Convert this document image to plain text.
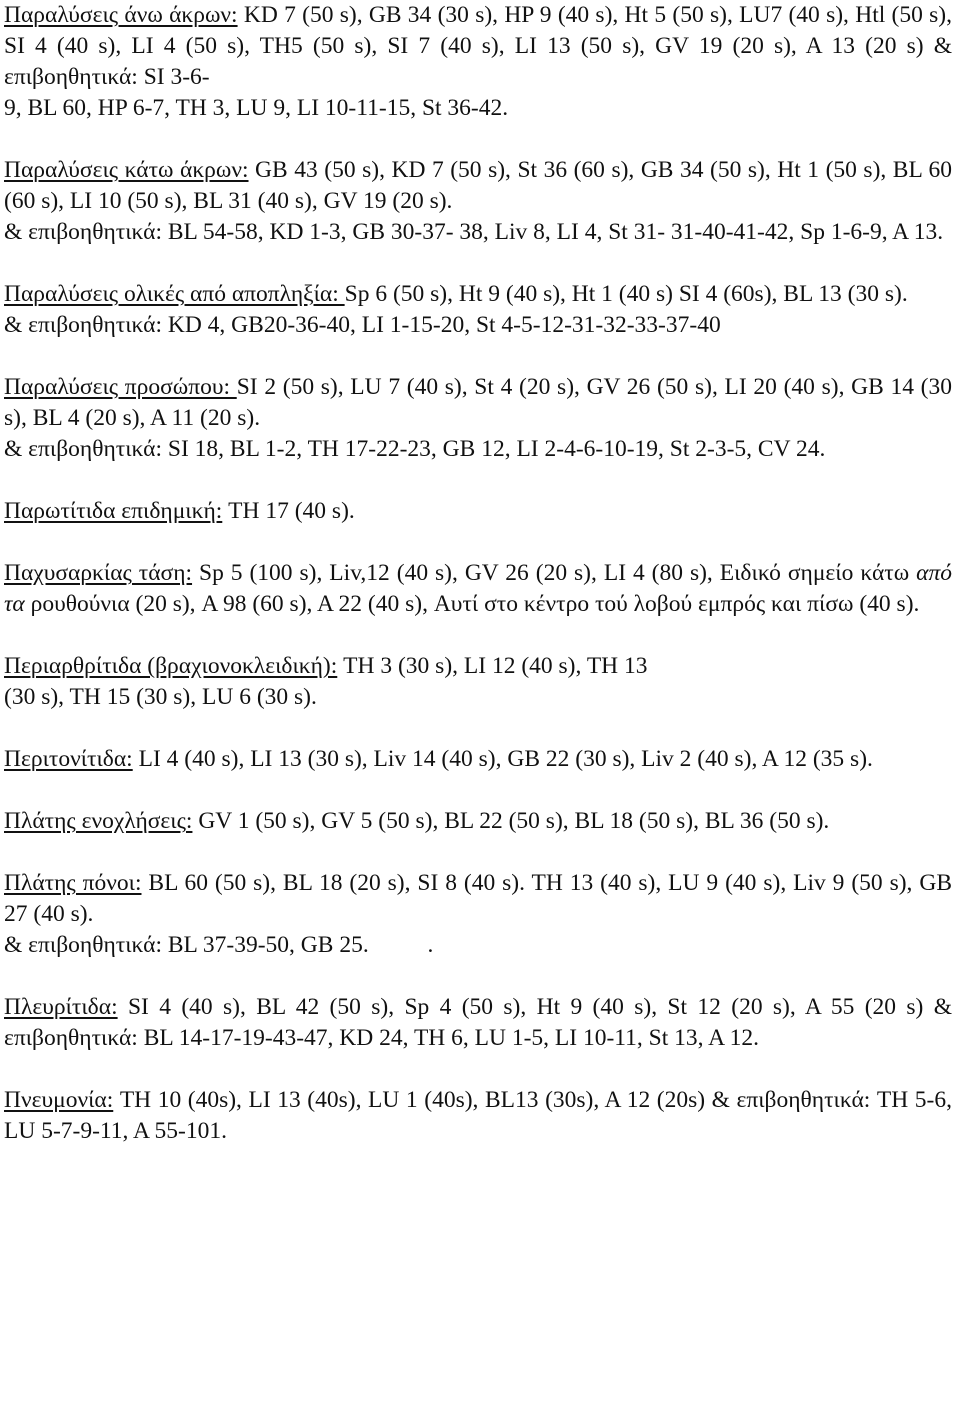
Παραλύσεις άνω άκρων: KD 7 (50 s), GB 34 (30 s), HP 9 (40 s), Ht 5 (50 s), LU7 (40 s), Htl (50 s), SI 4 (40 s), LI 4 (50 s), TH5 (50 s), SI 7 (40 s), LI 13 (50 s), GV 19 (20 s), A 13 (20 s) & επιβοηθητικά: SI 3-6-
9, BL 60, HP 6-7, TH 3, LU 9, LI 10-11-15, St 36-42.

Παραλύσεις κάτω άκρων: GB 43 (50 s), KD 7 (50 s), St 36 (60 s), GB 34 (50 s), Ht 1 (50 s), BL 60 (60 s), LI 10 (50 s), BL 31 (40 s), GV 19 (20 s).

& επιβοηθητικά: BL 54-58, KD 1-3, GB 30-37- 38, Liv 8, LI 4, St 31- 31-40-41-42, Sp 1-6-9, A 13.

Παραλύσεις ολικές από αποπληξία: Sp 6 (50 s), Ht 9 (40 s), Ht 1 (40 s) SI 4 (60s), BL 13 (30 s).

& επιβοηθητικά: KD 4, GB20-36-40, LI 1-15-20, St 4-5-12-31-32-33-37-40

Παραλύσεις προσώπου: SI 2 (50 s), LU 7 (40 s), St 4 (20 s), GV 26 (50 s), LI 20 (40 s), GB 14 (30 s), BL 4 (20 s), A 11 (20 s).

& επιβοηθητικά: SI 18, BL 1-2, TH 17-22-23, GB 12, LI 2-4-6-10-19, St 2-3-5, CV 24.

Παρωτίτιδα επιδημική: TH 17 (40 s).

Παχυσαρκίας τάση: Sp 5 (100 s), Liv,12 (40 s), GV 26 (20 s), LI 4 (80 s), Ειδικό σημείο κάτω από τα ρουθούνια (20 s), A 98 (60 s), A 22 (40 s), Αυτί στο κέντρο τού λοβού εμπρός και πίσω (40 s).

Περιαρθρίτιδα (βραχιονοκλειδική): TH 3 (30 s), LI 12 (40 s), TH 13
(30 s), TH 15 (30 s), LU 6 (30 s).

Περιτονίτιδα: LI 4 (40 s), LI 13 (30 s), Liv 14 (40 s), GB 22 (30 s), Liv 2 (40 s), A 12 (35 s).

Πλάτης ενοχλήσεις: GV 1 (50 s), GV 5 (50 s), BL 22 (50 s), BL 18 (50 s), BL 36 (50 s).

Πλάτης πόνοι: BL 60 (50 s), BL 18 (20 s), SI 8 (40 s). TH 13 (40 s), LU 9 (40 s), Liv 9 (50 s), GB 27 (40 s).

& επιβοηθητικά: BL 37-39-50, GB 25.          .

Πλευρίτιδα: SI 4 (40 s), BL 42 (50 s), Sp 4 (50 s), Ht 9 (40 s), St 12 (20 s), A 55 (20 s) & επιβοηθητικά: BL 14-17-19-43-47, KD 24, TH 6, LU 1-5, LI 10-11, St 13, A 12.

Πνευμονία: TH 10 (40s), LI 13 (40s), LU 1 (40s), BL13 (30s), A 12 (20s) & επιβοηθητικά: TH 5-6, LU 5-7-9-11, A 55-101.
